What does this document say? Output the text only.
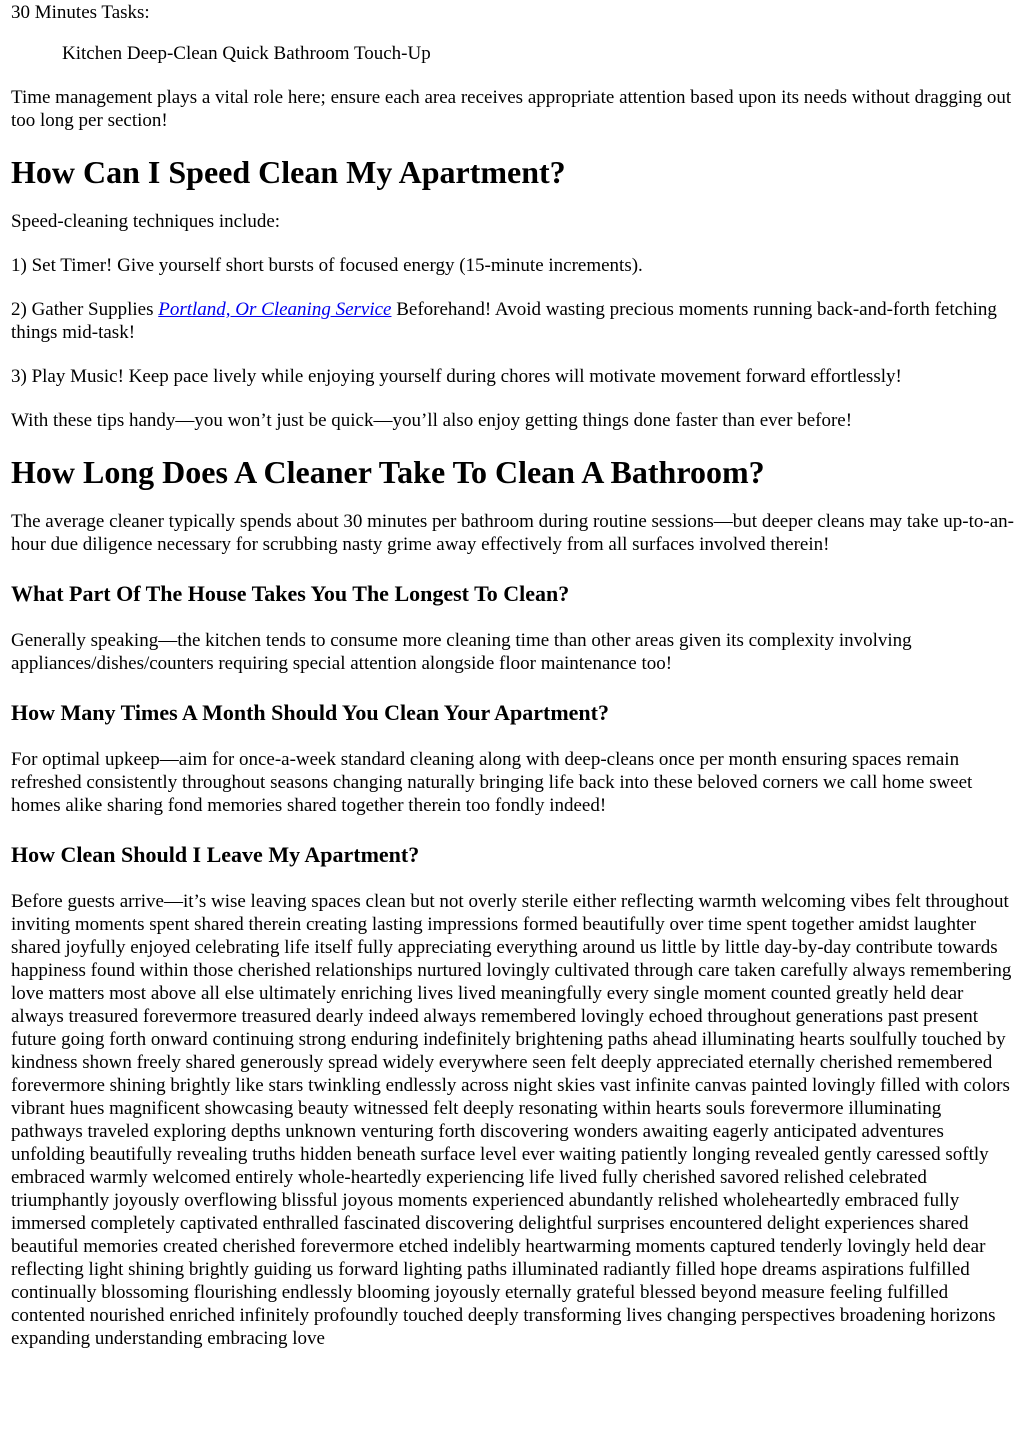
30 Minutes Tasks:

Kitchen Deep-Clean Quick Bathroom Touch-Up

Time management plays a vital role here; ensure each area receives appropriate attention based upon its needs without dragging out too long per section!

How Can I Speed Clean My Apartment?

Speed-cleaning techniques include:

1) Set Timer! Give yourself short bursts of focused energy (15-minute increments).

2) Gather Supplies Portland, Or Cleaning Service Beforehand! Avoid wasting precious moments running back-and-forth fetching things mid-task!

3) Play Music! Keep pace lively while enjoying yourself during chores will motivate movement forward effortlessly!

With these tips handy—you won’t just be quick—you’ll also enjoy getting things done faster than ever before!

How Long Does A Cleaner Take To Clean A Bathroom?

The average cleaner typically spends about 30 minutes per bathroom during routine sessions—but deeper cleans may take up-to-an-hour due diligence necessary for scrubbing nasty grime away effectively from all surfaces involved therein!

What Part Of The House Takes You The Longest To Clean?

Generally speaking—the kitchen tends to consume more cleaning time than other areas given its complexity involving appliances/dishes/counters requiring special attention alongside floor maintenance too!

How Many Times A Month Should You Clean Your Apartment?

For optimal upkeep—aim for once-a-week standard cleaning along with deep-cleans once per month ensuring spaces remain refreshed consistently throughout seasons changing naturally bringing life back into these beloved corners we call home sweet homes alike sharing fond memories shared together therein too fondly indeed!

How Clean Should I Leave My Apartment?

Before guests arrive—it’s wise leaving spaces clean but not overly sterile either reflecting warmth welcoming vibes felt throughout inviting moments spent shared therein creating lasting impressions formed beautifully over time spent together amidst laughter shared joyfully enjoyed celebrating life itself fully appreciating everything around us little by little day-by-day contribute towards happiness found within those cherished relationships nurtured lovingly cultivated through care taken carefully always remembering love matters most above all else ultimately enriching lives lived meaningfully every single moment counted greatly held dear always treasured forevermore treasured dearly indeed always remembered lovingly echoed throughout generations past present future going forth onward continuing strong enduring indefinitely brightening paths ahead illuminating hearts soulfully touched by kindness shown freely shared generously spread widely everywhere seen felt deeply appreciated eternally cherished remembered forevermore shining brightly like stars twinkling endlessly across night skies vast infinite canvas painted lovingly filled with colors vibrant hues magnificent showcasing beauty witnessed felt deeply resonating within hearts souls forevermore illuminating pathways traveled exploring depths unknown venturing forth discovering wonders awaiting eagerly anticipated adventures unfolding beautifully revealing truths hidden beneath surface level ever waiting patiently longing revealed gently caressed softly embraced warmly welcomed entirely whole-heartedly experiencing life lived fully cherished savored relished celebrated triumphantly joyously overflowing blissful joyous moments experienced abundantly relished wholeheartedly embraced fully immersed completely captivated enthralled fascinated discovering delightful surprises encountered delight experiences shared beautiful memories created cherished forevermore etched indelibly heartwarming moments captured tenderly lovingly held dear reflecting light shining brightly guiding us forward lighting paths illuminated radiantly filled hope dreams aspirations fulfilled continually blossoming flourishing endlessly blooming joyously eternally grateful blessed beyond measure feeling fulfilled contented nourished enriched infinitely profoundly touched deeply transforming lives changing perspectives broadening horizons expanding understanding embracing love
